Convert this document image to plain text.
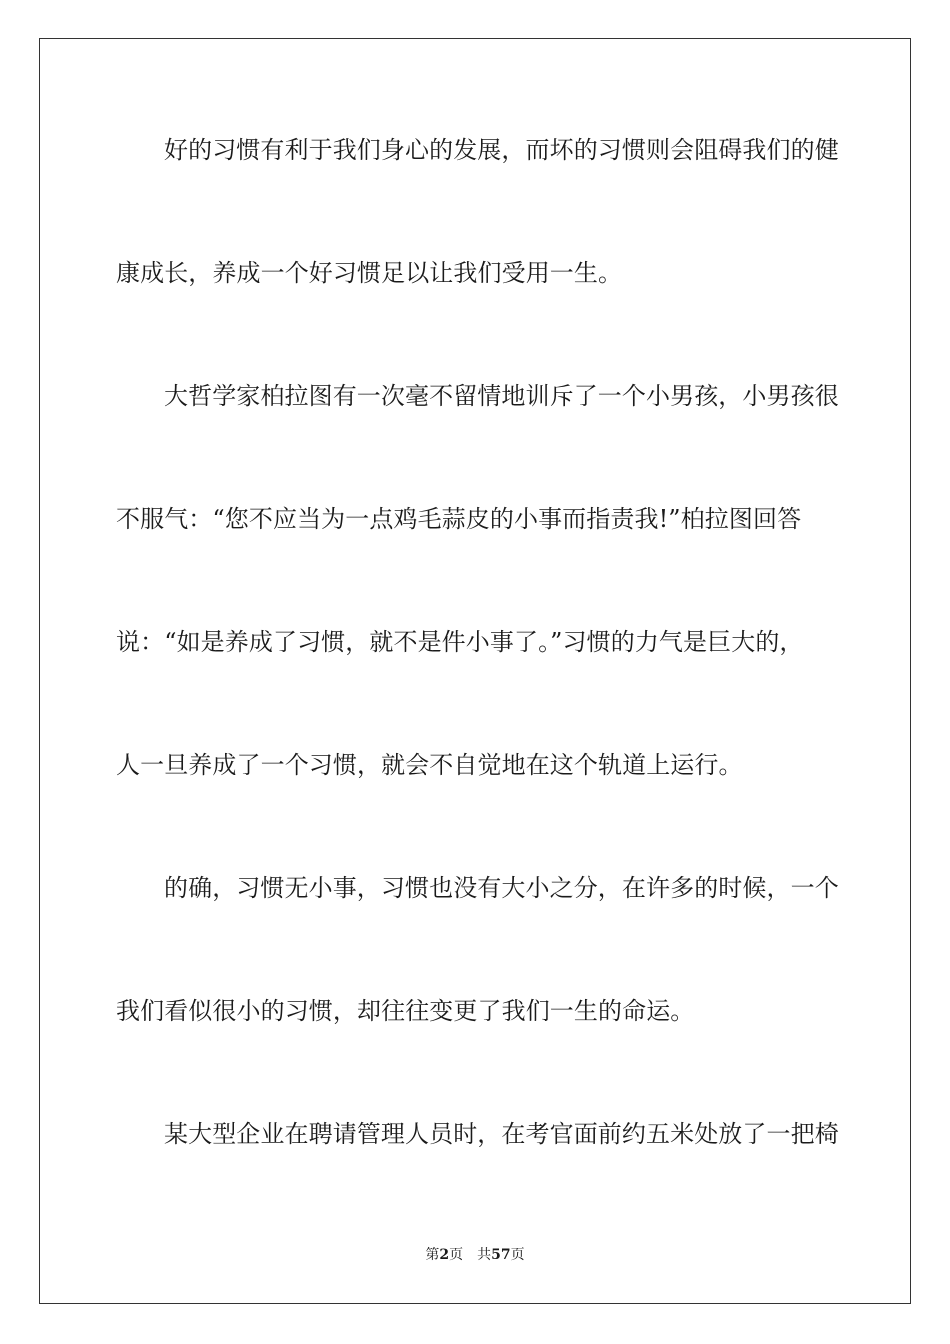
好的习惯有利于我们身心的发展，而坏的习惯则会阻碍我们的健

康成长，养成一个好习惯足以让我们受用一生。

大哲学家柏拉图有一次毫不留情地训斥了一个小男孩，小男孩很

不服气：“您不应当为一点鸡毛蒜皮的小事而指责我!”柏拉图回答

说：“如是养成了习惯，就不是件小事了。”习惯的力气是巨大的，

人一旦养成了一个习惯，就会不自觉地在这个轨道上运行。

的确，习惯无小事，习惯也没有大小之分，在许多的时候，一个

我们看似很小的习惯，却往往变更了我们一生的命运。

某大型企业在聘请管理人员时，在考官面前约五米处放了一把椅

第2页 共57页
